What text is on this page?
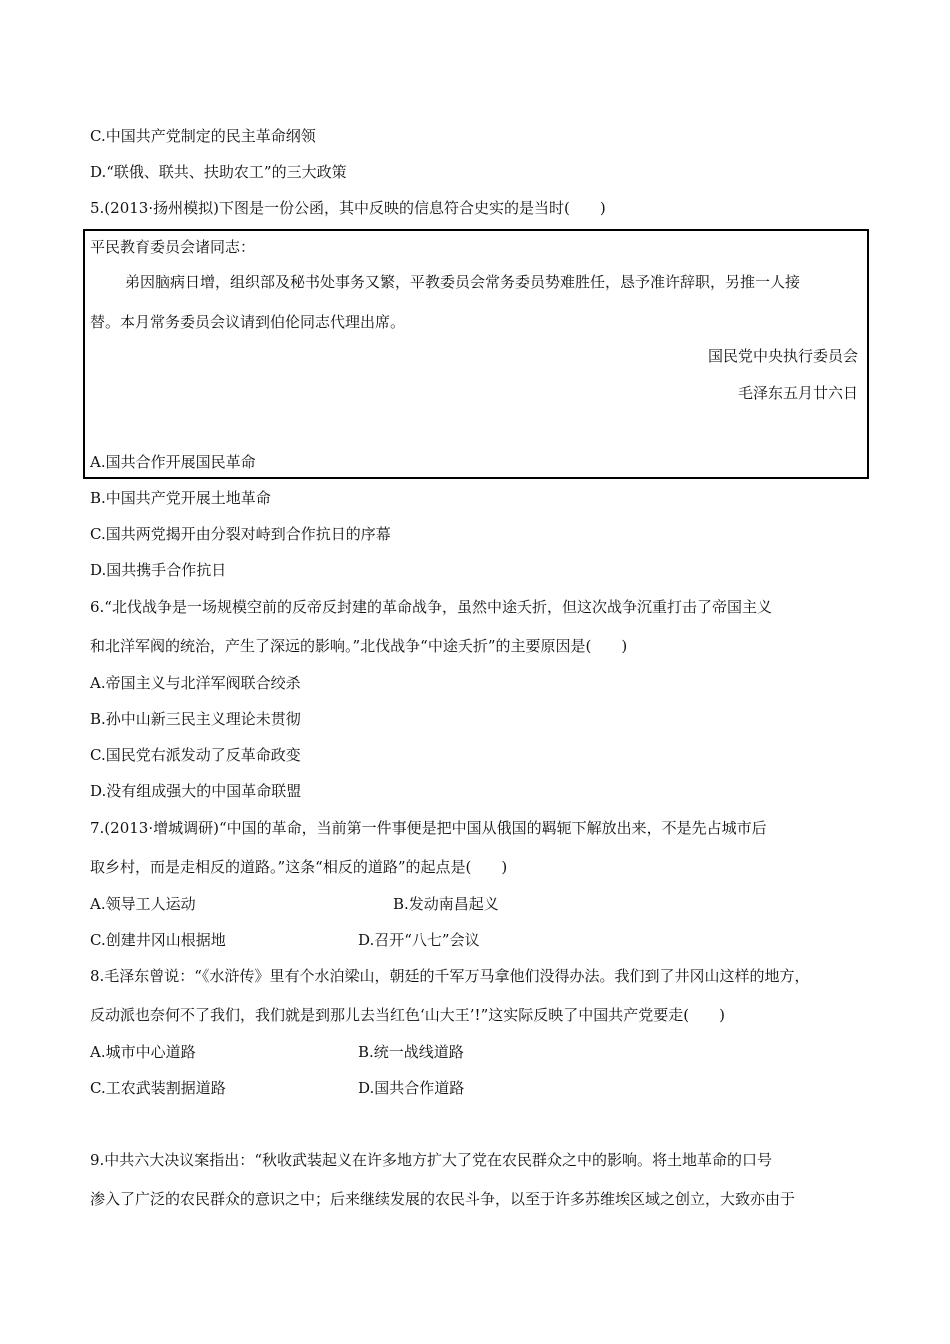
C.中国共产党制定的民主革命纲领
D.“联俄、联共、扶助农工”的三大政策
5.(2013·扬州模拟)下图是一份公函，其中反映的信息符合史实的是当时(　　)
平民教育委员会诸同志：
弟因脑病日增，组织部及秘书处事务又繁，平教委员会常务委员势难胜任，恳予准许辞职，另推一人接
替。本月常务委员会议请到伯伦同志代理出席。
国民党中央执行委员会
毛泽东五月廿六日
A.国共合作开展国民革命
B.中国共产党开展土地革命
C.国共两党揭开由分裂对峙到合作抗日的序幕
D.国共携手合作抗日
6.“北伐战争是一场规模空前的反帝反封建的革命战争，虽然中途夭折，但这次战争沉重打击了帝国主义
和北洋军阀的统治，产生了深远的影响。”北伐战争“中途夭折”的主要原因是(　　)
A.帝国主义与北洋军阀联合绞杀
B.孙中山新三民主义理论未贯彻
C.国民党右派发动了反革命政变
D.没有组成强大的中国革命联盟
7.(2013·增城调研)“中国的革命，当前第一件事便是把中国从俄国的羁轭下解放出来，不是先占城市后
取乡村，而是走相反的道路。”这条“相反的道路”的起点是(　　)
A.领导工人运动	B.发动南昌起义
C.创建井冈山根据地	D.召开“八七”会议
8.毛泽东曾说：“《水浒传》里有个水泊梁山，朝廷的千军万马拿他们没得办法。我们到了井冈山这样的地方，
反动派也奈何不了我们，我们就是到那儿去当红色‘山大王’!”这实际反映了中国共产党要走(　　)
A.城市中心道路	B.统一战线道路
C.工农武装割据道路	D.国共合作道路
9.中共六大决议案指出：“秋收武装起义在许多地方扩大了党在农民群众之中的影响。将土地革命的口号
渗入了广泛的农民群众的意识之中；后来继续发展的农民斗争，以至于许多苏维埃区域之创立，大致亦由于
